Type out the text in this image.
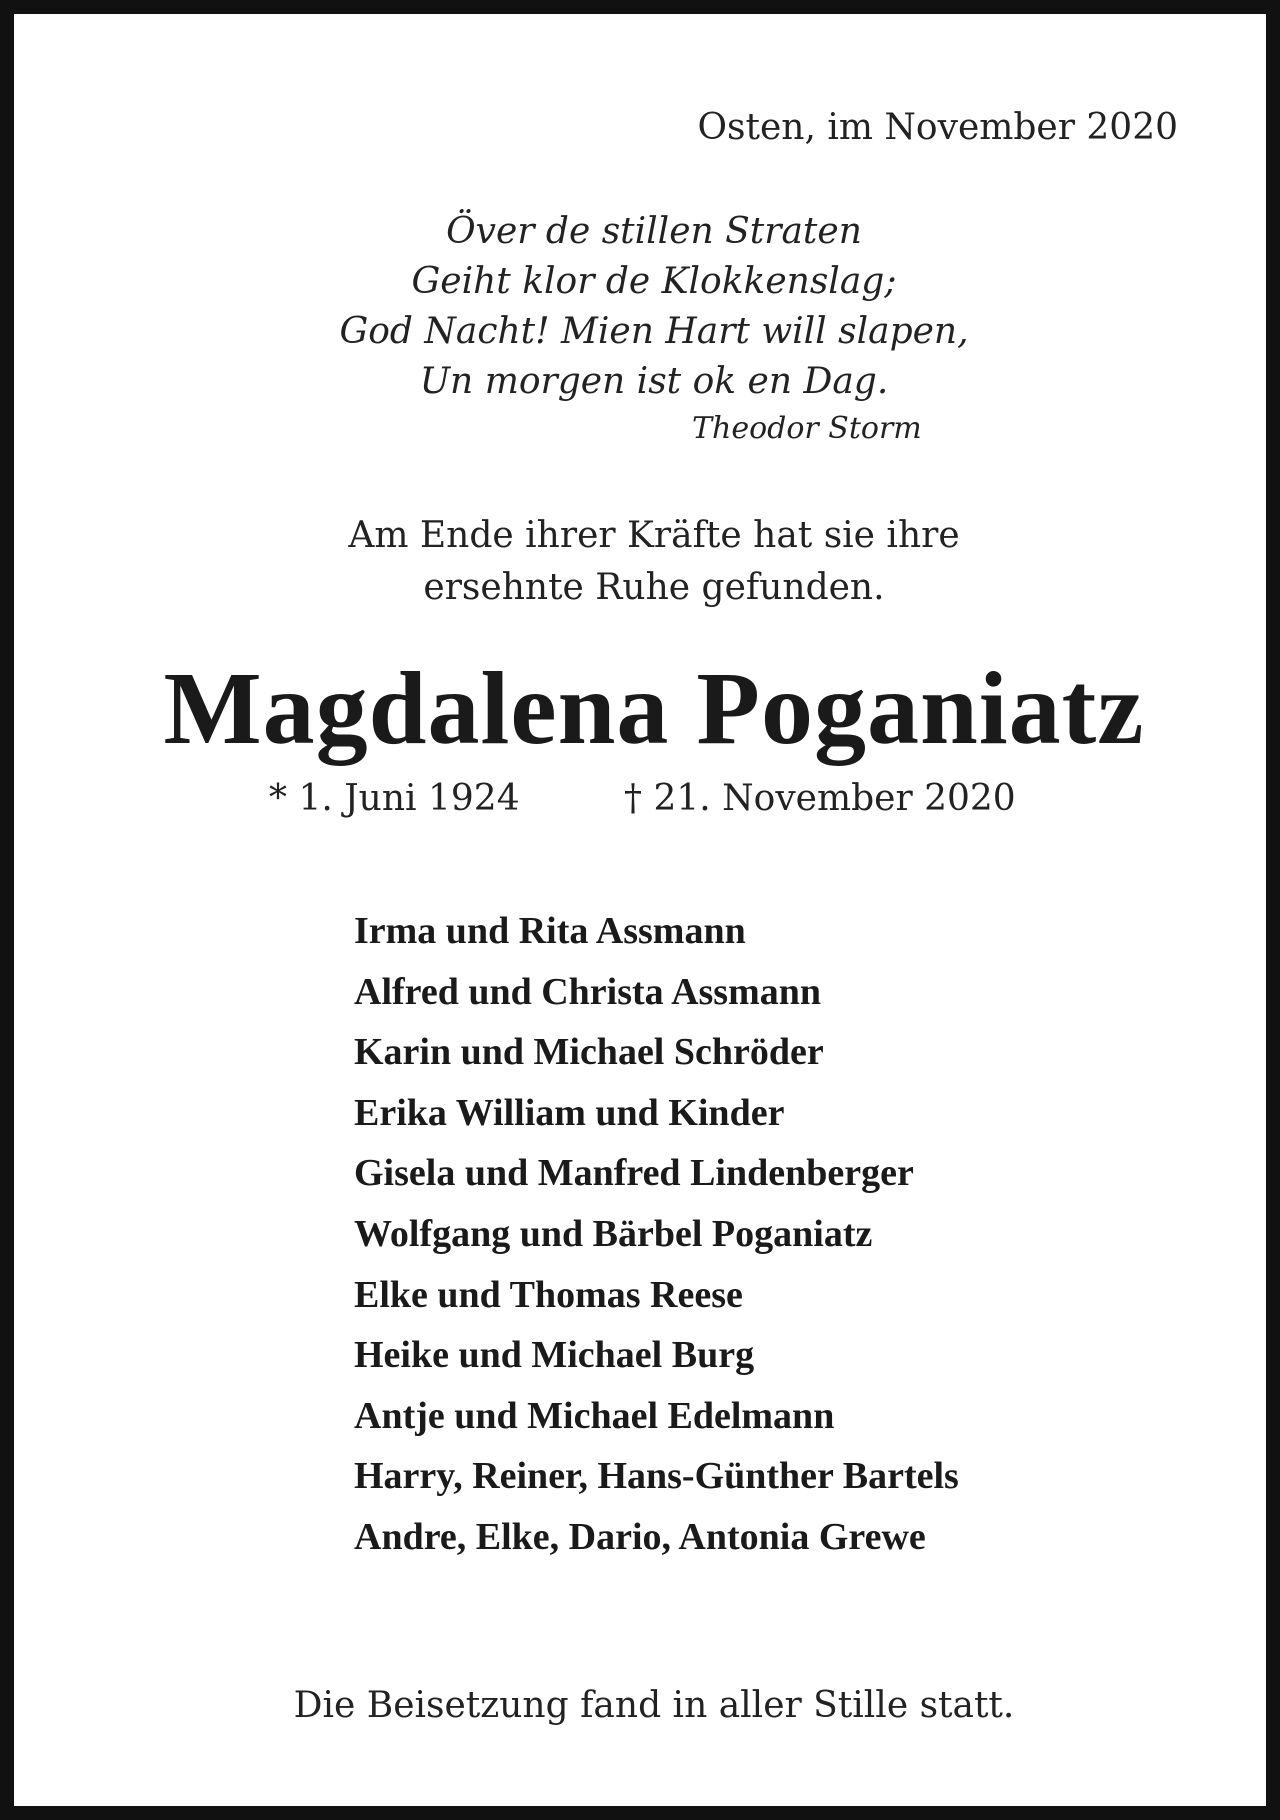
Osten, im November 2020
Över de stillen Straten
Geiht klor de Klokkenslag;
God Nacht! Mien Hart will slapen,
Un morgen ist ok en Dag.
Theodor Storm
Am Ende ihrer Kräfte hat sie ihre
ersehnte Ruhe gefunden.
Magdalena Poganiatz
* 1. Juni 1924	† 21. November 2020
Irma und Rita Assmann
Alfred und Christa Assmann
Karin und Michael Schröder
Erika William und Kinder
Gisela und Manfred Lindenberger
Wolfgang und Bärbel Poganiatz
Elke und Thomas Reese
Heike und Michael Burg
Antje und Michael Edelmann
Harry, Reiner, Hans-Günther Bartels
Andre, Elke, Dario, Antonia Grewe
Die Beisetzung fand in aller Stille statt.
